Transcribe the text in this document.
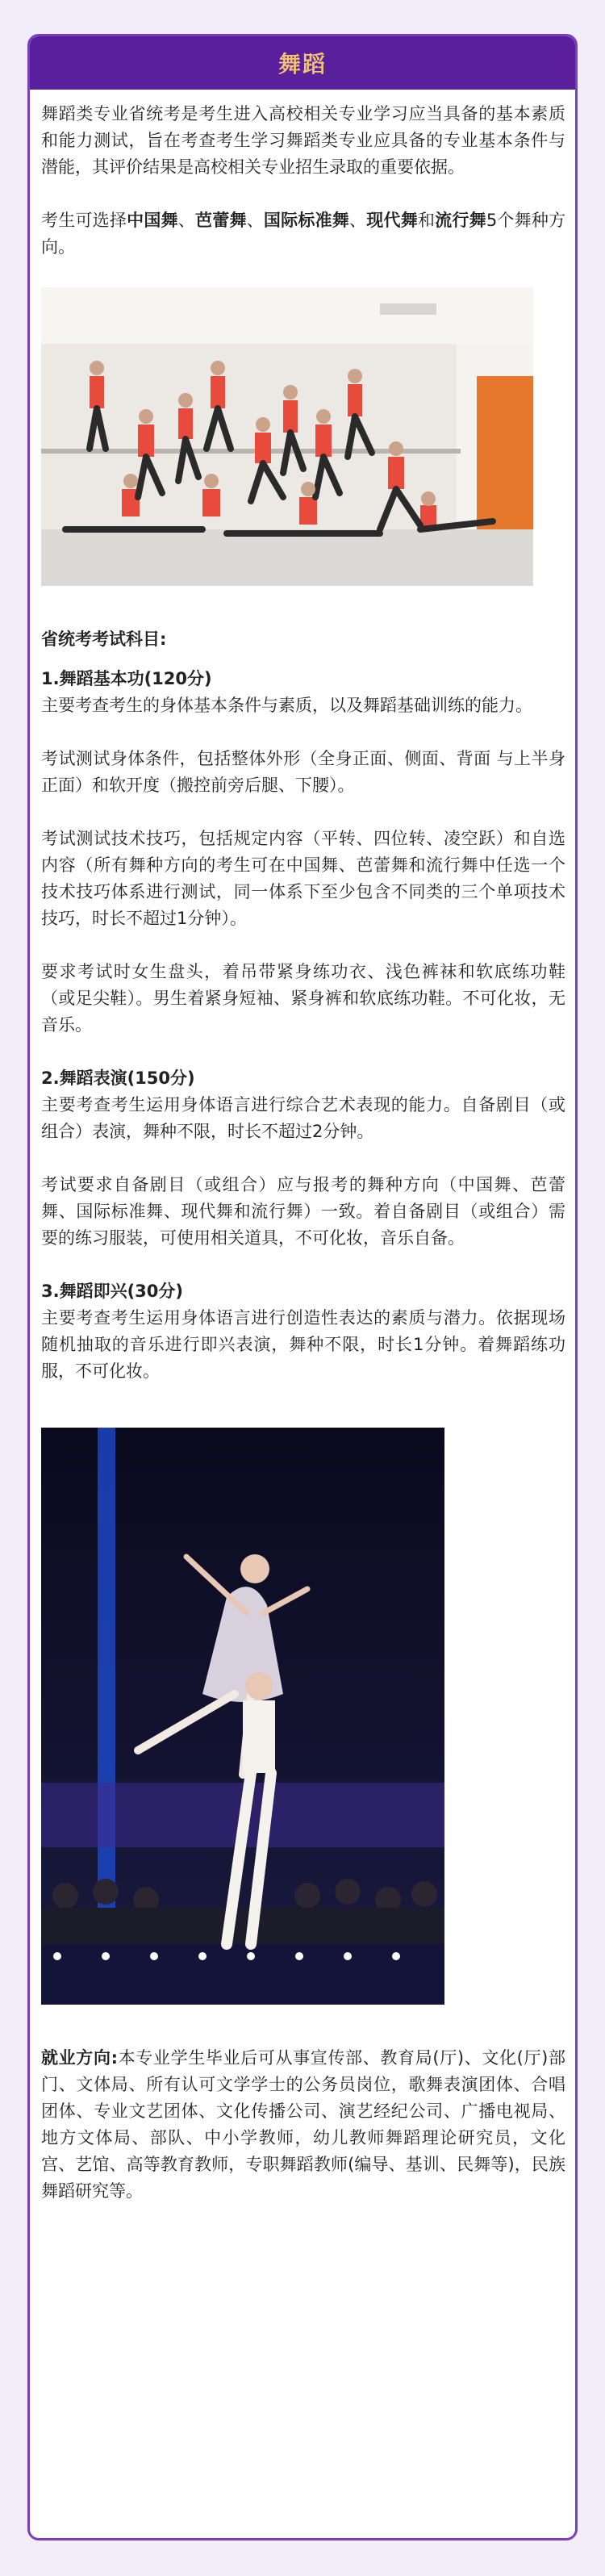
舞蹈

舞蹈类专业省统考是考生进入高校相关专业学习应当具备的基本素质和能力测试，旨在考查考生学习舞蹈类专业应具备的专业基本条件与潜能，其评价结果是高校相关专业招生录取的重要依据。

考生可选择中国舞、芭蕾舞、国际标准舞、现代舞和流行舞5个舞种方向。

省统考考试科目:

1.舞蹈基本功(120分)

主要考查考生的身体基本条件与素质，以及舞蹈基础训练的能力。

考试测试身体条件，包括整体外形（全身正面、侧面、背面 与上半身正面）和软开度（搬控前旁后腿、下腰）。

考试测试技术技巧，包括规定内容（平转、四位转、凌空跃）和自选内容（所有舞种方向的考生可在中国舞、芭蕾舞和流行舞中任选一个技术技巧体系进行测试，同一体系下至少包含不同类的三个单项技术技巧，时长不超过1分钟）。

要求考试时女生盘头，着吊带紧身练功衣、浅色裤袜和软底练功鞋（或足尖鞋）。男生着紧身短袖、紧身裤和软底练功鞋。不可化妆，无音乐。

2.舞蹈表演(150分)

主要考查考生运用身体语言进行综合艺术表现的能力。自备剧目（或组合）表演，舞种不限，时长不超过2分钟。

考试要求自备剧目（或组合）应与报考的舞种方向（中国舞、芭蕾舞、国际标准舞、现代舞和流行舞）一致。着自备剧目（或组合）需要的练习服装，可使用相关道具，不可化妆，音乐自备。

3.舞蹈即兴(30分)

主要考查考生运用身体语言进行创造性表达的素质与潜力。依据现场随机抽取的音乐进行即兴表演，舞种不限，时长1分钟。着舞蹈练功服，不可化妆。

就业方向:本专业学生毕业后可从事宣传部、教育局(厅)、文化(厅)部门、文体局、所有认可文学学士的公务员岗位，歌舞表演团体、合唱团体、专业文艺团体、文化传播公司、演艺经纪公司、广播电视局、地方文体局、部队、中小学教师，幼儿教师舞蹈理论研究员，文化宫、艺馆、高等教育教师，专职舞蹈教师(编导、基训、民舞等)，民族舞蹈研究等。
